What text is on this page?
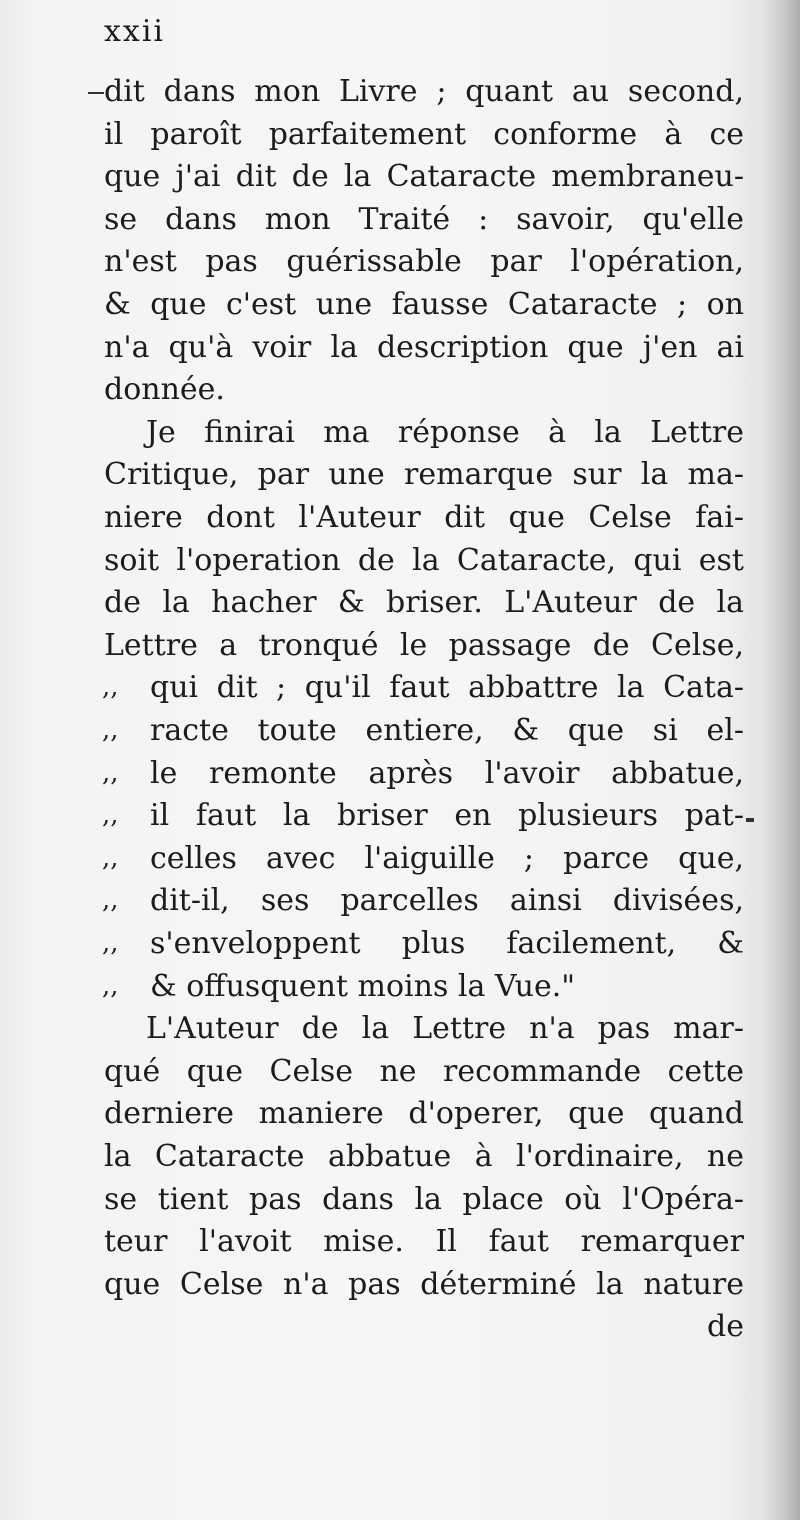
xxii
dit dans mon Livre ; quant au second,
il paroît parfaitement conforme à ce
que j'ai dit de la Cataracte membraneu-
se dans mon Traité : savoir, qu'elle
n'est pas guérissable par l'opération,
& que c'est une fausse Cataracte ; on
n'a qu'à voir la description que j'en ai
donnée.
Je finirai ma réponse à la Lettre
Critique, par une remarque sur la ma-
niere dont l'Auteur dit que Celse fai-
soit l'operation de la Cataracte, qui est
de la hacher & briser. L'Auteur de la
Lettre a tronqué le passage de Celse,
,, qui dit ; qu'il faut abbattre la Cata-
,, racte toute entiere, & que si el-
,, le remonte après l'avoir abbatue,
,, il faut la briser en plusieurs pat-
,, celles avec l'aiguille ; parce que,
,, dit-il, ses parcelles ainsi divisées,
,, s'enveloppent plus facilement, &
,, & offusquent moins la Vue."
L'Auteur de la Lettre n'a pas mar-
qué que Celse ne recommande cette
derniere maniere d'operer, que quand
la Cataracte abbatue à l'ordinaire, ne
se tient pas dans la place où l'Opéra-
teur l'avoit mise. Il faut remarquer
que Celse n'a pas déterminé la nature
de
